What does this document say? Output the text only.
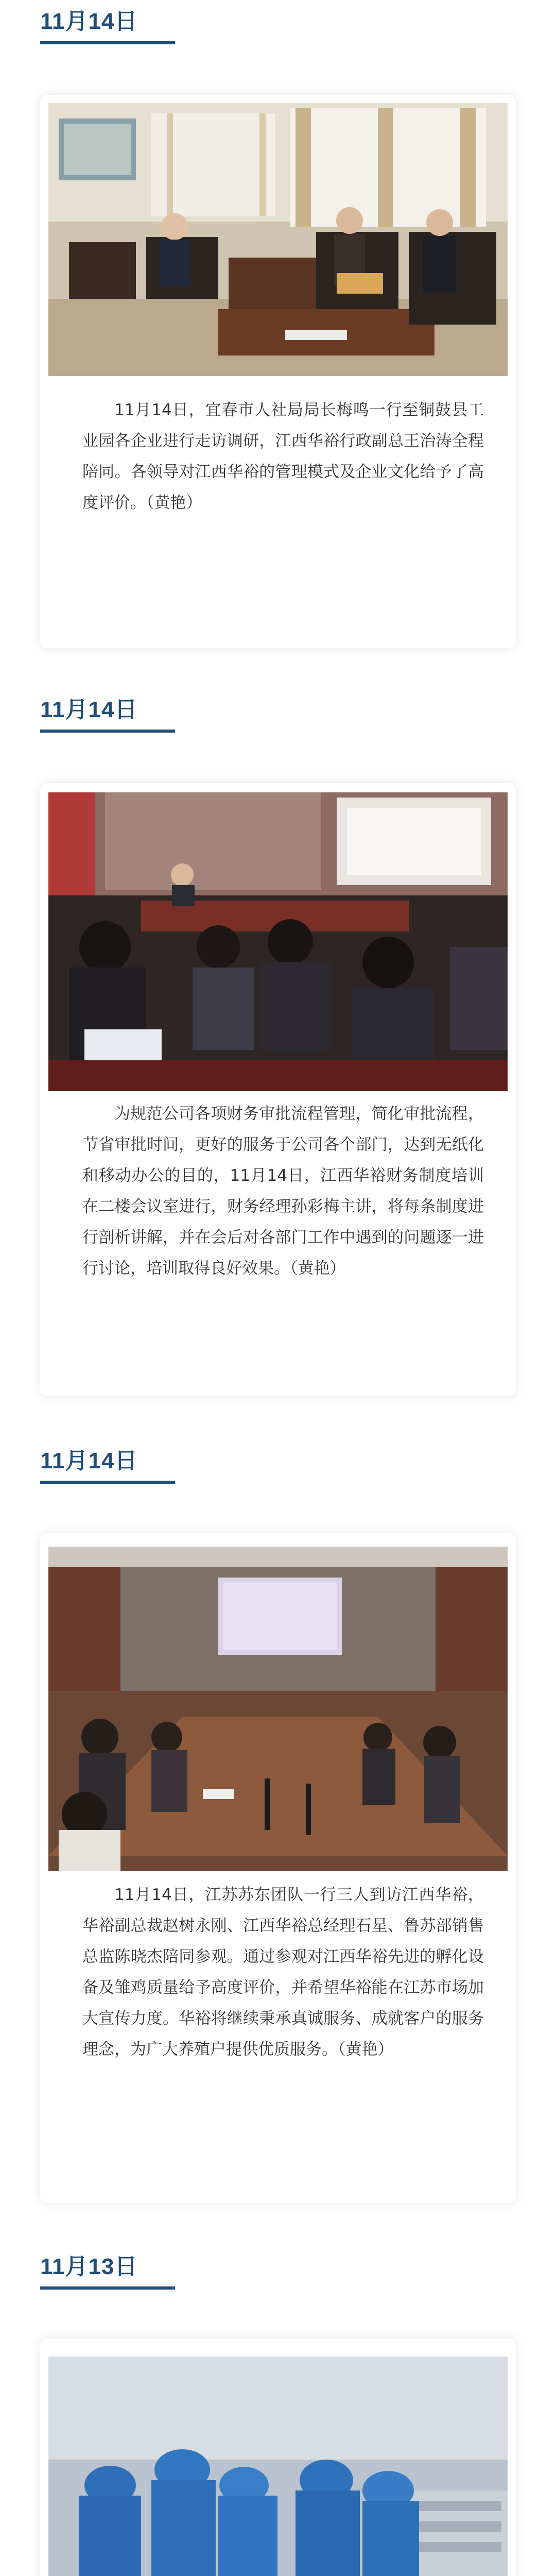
11月14日
11月14日，宜春市人社局局长梅鸣一行至铜鼓县工业园各企业进行走访调研，江西华裕行政副总王治涛全程陪同。各领导对江西华裕的管理模式及企业文化给予了高度评价。（黄艳）
11月14日
为规范公司各项财务审批流程管理，简化审批流程，节省审批时间，更好的服务于公司各个部门，达到无纸化和移动办公的目的，11月14日，江西华裕财务制度培训在二楼会议室进行，财务经理孙彩梅主讲，将每条制度进行剖析讲解，并在会后对各部门工作中遇到的问题逐一进行讨论，培训取得良好效果。（黄艳）
11月14日
11月14日，江苏苏东团队一行三人到访江西华裕，华裕副总裁赵树永刚、江西华裕总经理石星、鲁苏部销售总监陈晓杰陪同参观。通过参观对江西华裕先进的孵化设备及雏鸡质量给予高度评价，并希望华裕能在江苏市场加大宣传力度。华裕将继续秉承真诚服务、成就客户的服务理念，为广大养殖户提供优质服务。（黄艳）
11月13日
